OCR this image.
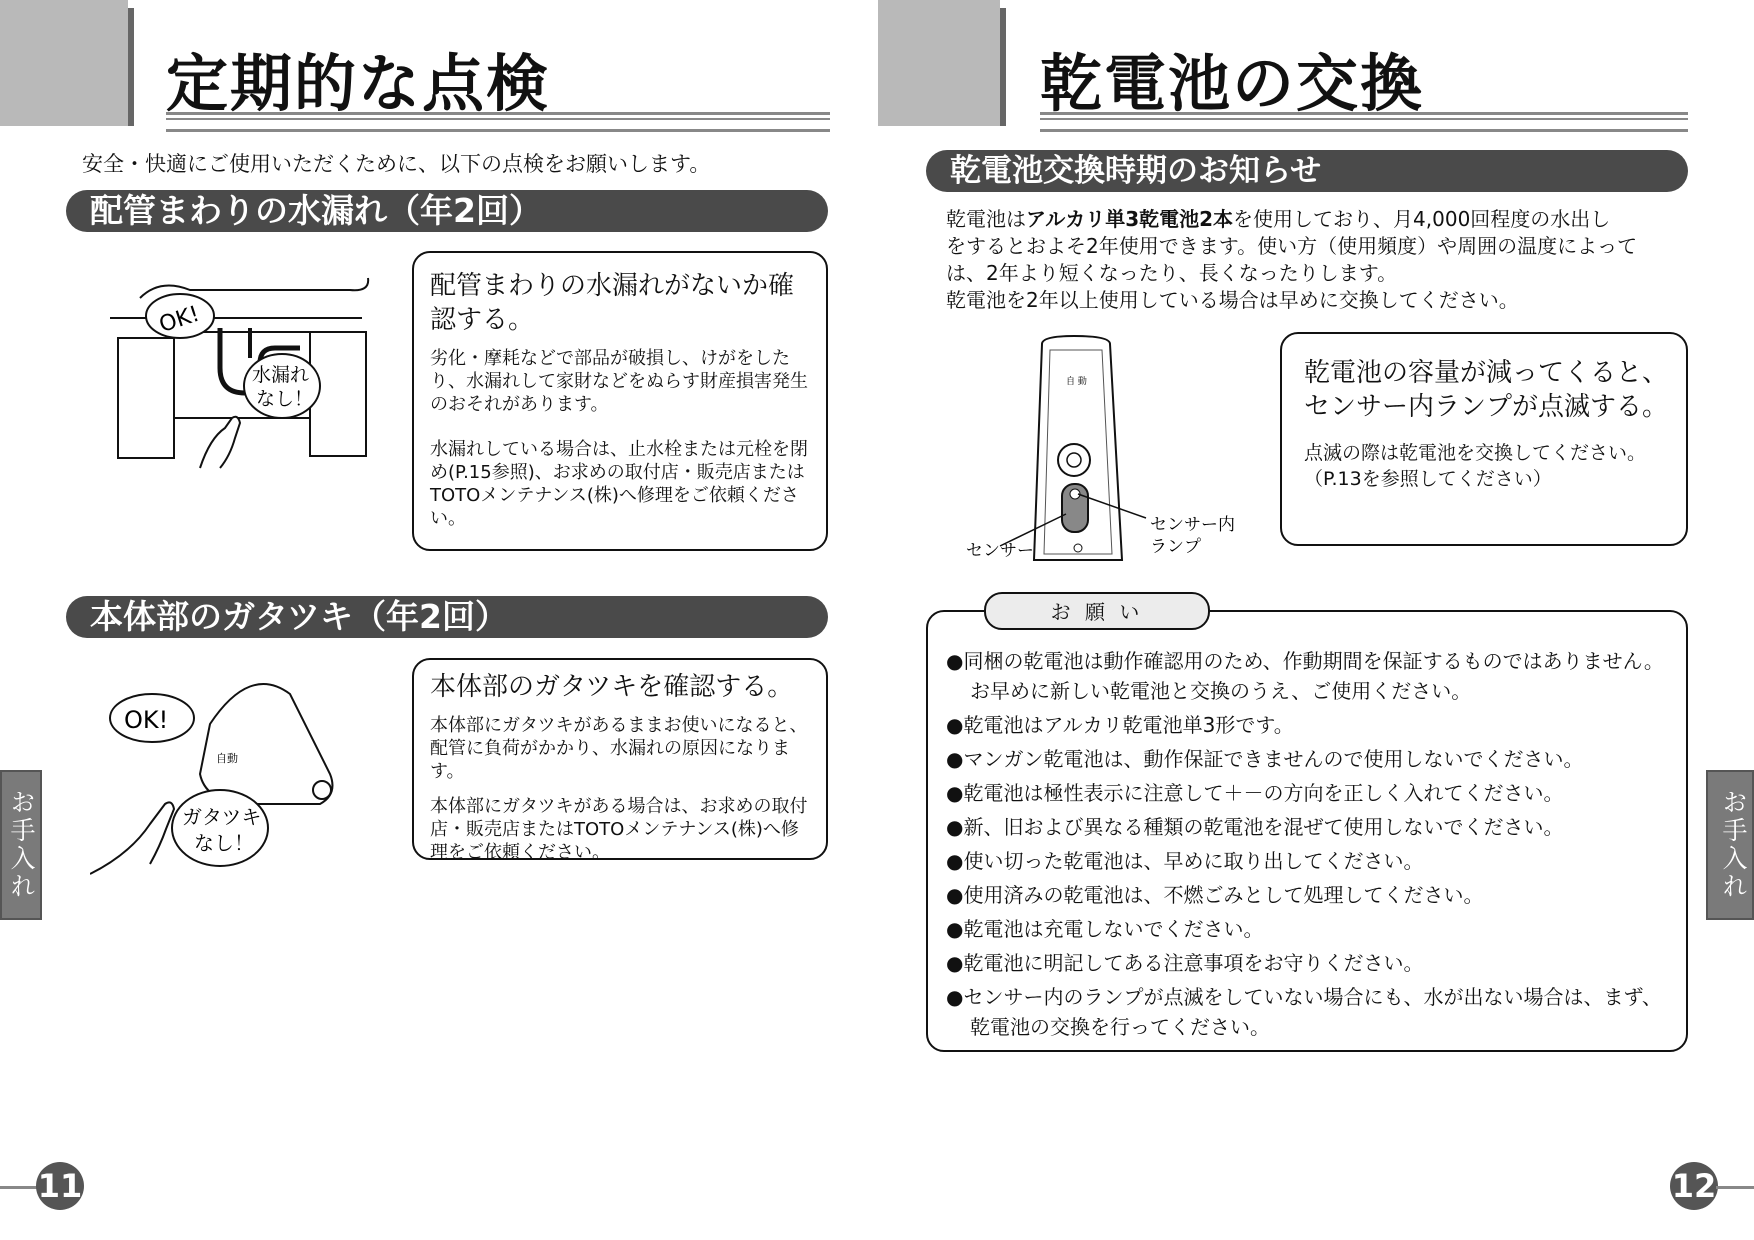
定期的な点検
安全・快適にご使用いただくために、以下の点検をお願いします。
配管まわりの水漏れ（年2回）
OK!
水漏れ
なし！

配管まわりの水漏れがないか確認する。

劣化・摩耗などで部品が破損し、けがをしたり、水漏れして家財などをぬらす財産損害発生のおそれがあります。

水漏れしている場合は、止水栓または元栓を閉め(P.15参照)、お求めの取付店・販売店またはTOTOメンテナンス(株)へ修理をご依頼ください。

本体部のガタツキ（年2回）
自動
OK!
ガタツキ
なし！

本体部のガタツキを確認する。

本体部にガタツキがあるままお使いになると、配管に負荷がかかり、水漏れの原因になります。

本体部にガタツキがある場合は、お求めの取付店・販売店またはTOTOメンテナンス(株)へ修理をご依頼ください。

お手入れ
11
乾電池の交換
乾電池交換時期のお知らせ
乾電池はアルカリ単3乾電池2本を使用しており、月4,000回程度の水出し
をするとおよそ2年使用できます。使い方（使用頻度）や周囲の温度によって
は、2年より短くなったり、長くなったりします。
乾電池を2年以上使用している場合は早めに交換してください。
自 動
センサー
センサー内
ランプ
乾電池の容量が減ってくると、
センサー内ランプが点滅する。
点滅の際は乾電池を交換してください。
（P.13を参照してください）
●同梱の乾電池は動作確認用のため、作動期間を保証するものではありません。お早めに新しい乾電池と交換のうえ、ご使用ください。
●乾電池はアルカリ乾電池単3形です。
●マンガン乾電池は、動作保証できませんので使用しないでください。
●乾電池は極性表示に注意して＋－の方向を正しく入れてください。
●新、旧および異なる種類の乾電池を混ぜて使用しないでください。
●使い切った乾電池は、早めに取り出してください。
●使用済みの乾電池は、不燃ごみとして処理してください。
●乾電池は充電しないでください。
●乾電池に明記してある注意事項をお守りください。
●センサー内のランプが点滅をしていない場合にも、水が出ない場合は、まず、乾電池の交換を行ってください。
お 願 い
お手入れ
12
